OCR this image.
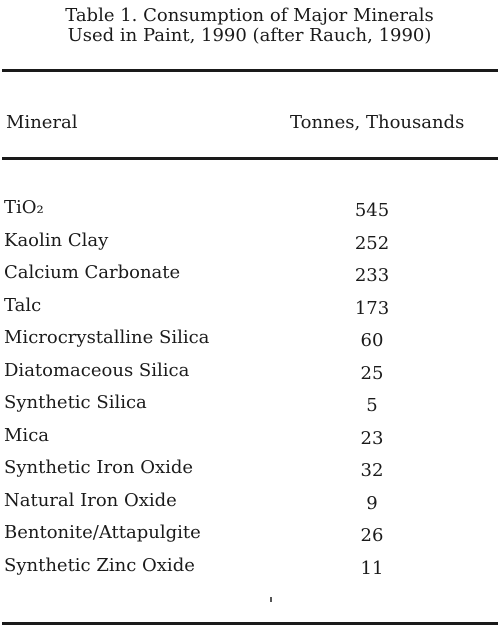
Table 1. Consumption of Major Minerals
Used in Paint, 1990 (after Rauch, 1990)
Mineral	Tonnes, Thousands
TiO₂	545
Kaolin Clay	252
Calcium Carbonate	233
Talc	173
Microcrystalline Silica	60
Diatomaceous Silica	25
Synthetic Silica	5
Mica	23
Synthetic Iron Oxide	32
Natural Iron Oxide	9
Bentonite/Attapulgite	26
Synthetic Zinc Oxide	11
